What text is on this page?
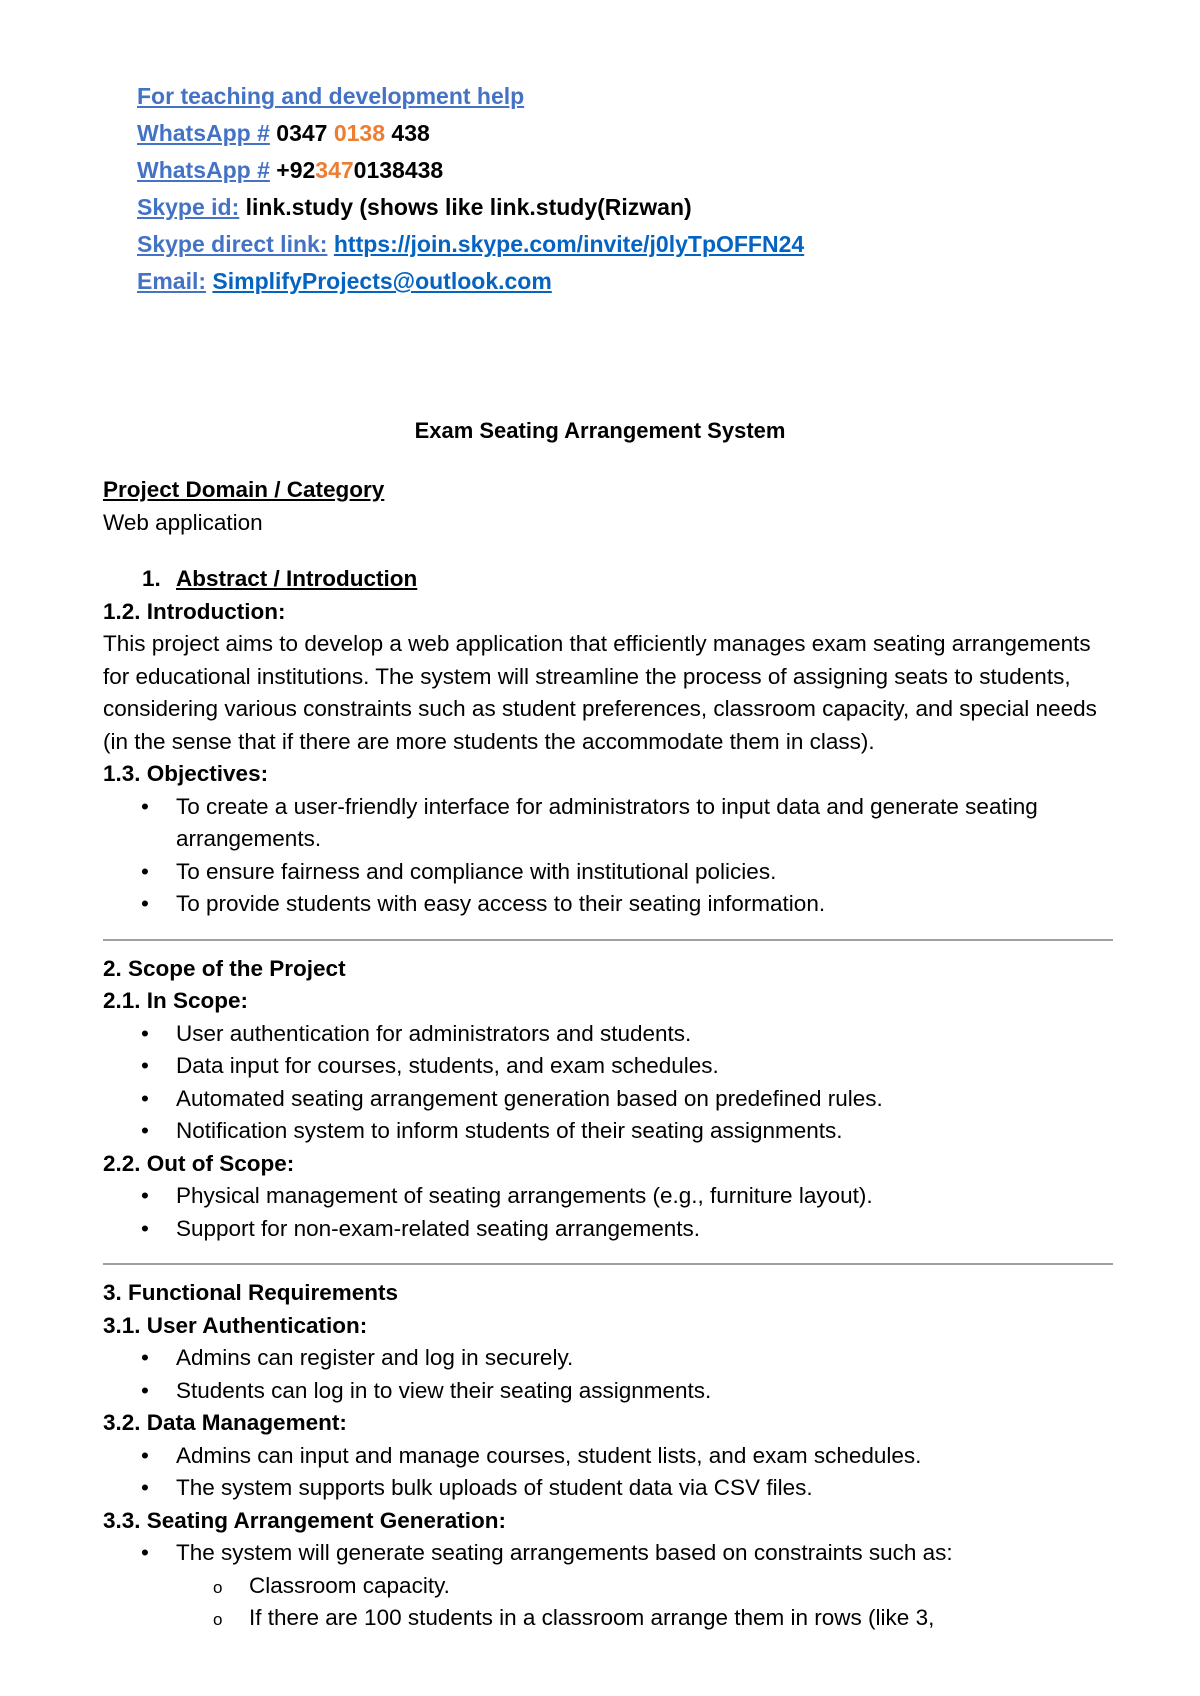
For teaching and development help
WhatsApp # 0347 0138 438
WhatsApp # +923470138438
Skype id: link.study (shows like link.study(Rizwan)
Skype direct link: https://join.skype.com/invite/j0lyTpOFFN24
Email: SimplifyProjects@outlook.com
Exam Seating Arrangement System

Project Domain / Category

Web application

1. Abstract / Introduction

1.2. Introduction:

This project aims to develop a web application that efficiently manages exam seating arrangements for educational institutions. The system will streamline the process of assigning seats to students, considering various constraints such as student preferences, classroom capacity, and special needs (in the sense that if there are more students the accommodate them in class).

1.3. Objectives:

• To create a user-friendly interface for administrators to input data and generate seating arrangements.
• To ensure fairness and compliance with institutional policies.
• To provide students with easy access to their seating information.

2. Scope of the Project

2.1. In Scope:

• User authentication for administrators and students.
• Data input for courses, students, and exam schedules.
• Automated seating arrangement generation based on predefined rules.
• Notification system to inform students of their seating assignments.

2.2. Out of Scope:

• Physical management of seating arrangements (e.g., furniture layout).
• Support for non-exam-related seating arrangements.

3. Functional Requirements

3.1. User Authentication:

• Admins can register and log in securely.
• Students can log in to view their seating assignments.

3.2. Data Management:

• Admins can input and manage courses, student lists, and exam schedules.
• The system supports bulk uploads of student data via CSV files.

3.3. Seating Arrangement Generation:

• The system will generate seating arrangements based on constraints such as:
o Classroom capacity.
o If there are 100 students in a classroom arrange them in rows (like 3,
